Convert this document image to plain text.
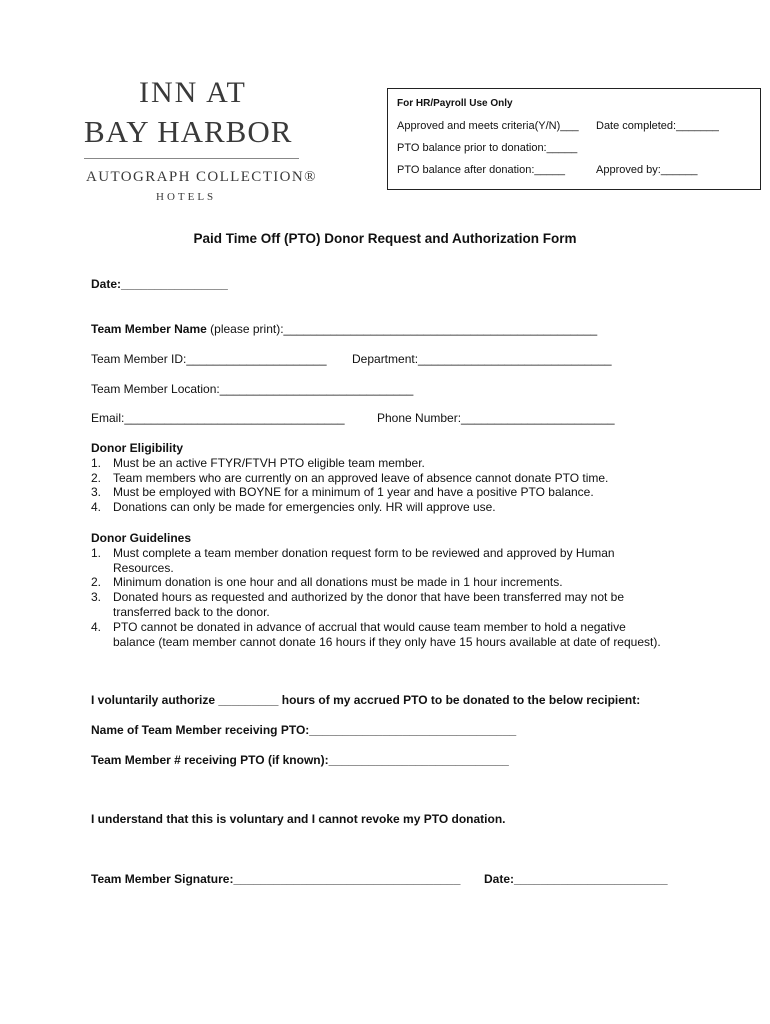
INN AT
BAY HARBOR
AUTOGRAPH COLLECTION®
HOTELS
For HR/Payroll Use Only
Approved and meets criteria(Y/N)___ Date completed:_______
PTO balance prior to donation:_____
PTO balance after donation:_____	Approved by:______
Paid Time Off (PTO) Donor Request and Authorization Form
Date:________________
Team Member Name (please print):_______________________________________________
Team Member ID:_____________________ Department:_____________________________
Team Member Location:_____________________________
Email:_________________________________	Phone Number:_______________________
Donor Eligibility
1. Must be an active FTYR/FTVH PTO eligible team member.
2. Team members who are currently on an approved leave of absence cannot donate PTO time.
3. Must be employed with BOYNE for a minimum of 1 year and have a positive PTO balance.
4. Donations can only be made for emergencies only. HR will approve use.
Donor Guidelines
1. Must complete a team member donation request form to be reviewed and approved by Human Resources.
2. Minimum donation is one hour and all donations must be made in 1 hour increments.
3. Donated hours as requested and authorized by the donor that have been transferred may not be transferred back to the donor.
4. PTO cannot be donated in advance of accrual that would cause team member to hold a negative balance (team member cannot donate 16 hours if they only have 15 hours available at date of request).
I voluntarily authorize _________ hours of my accrued PTO to be donated to the below recipient:
Name of Team Member receiving PTO:_______________________________
Team Member # receiving PTO (if known):___________________________
I understand that this is voluntary and I cannot revoke my PTO donation.
Team Member Signature:__________________________________ Date:_______________________
